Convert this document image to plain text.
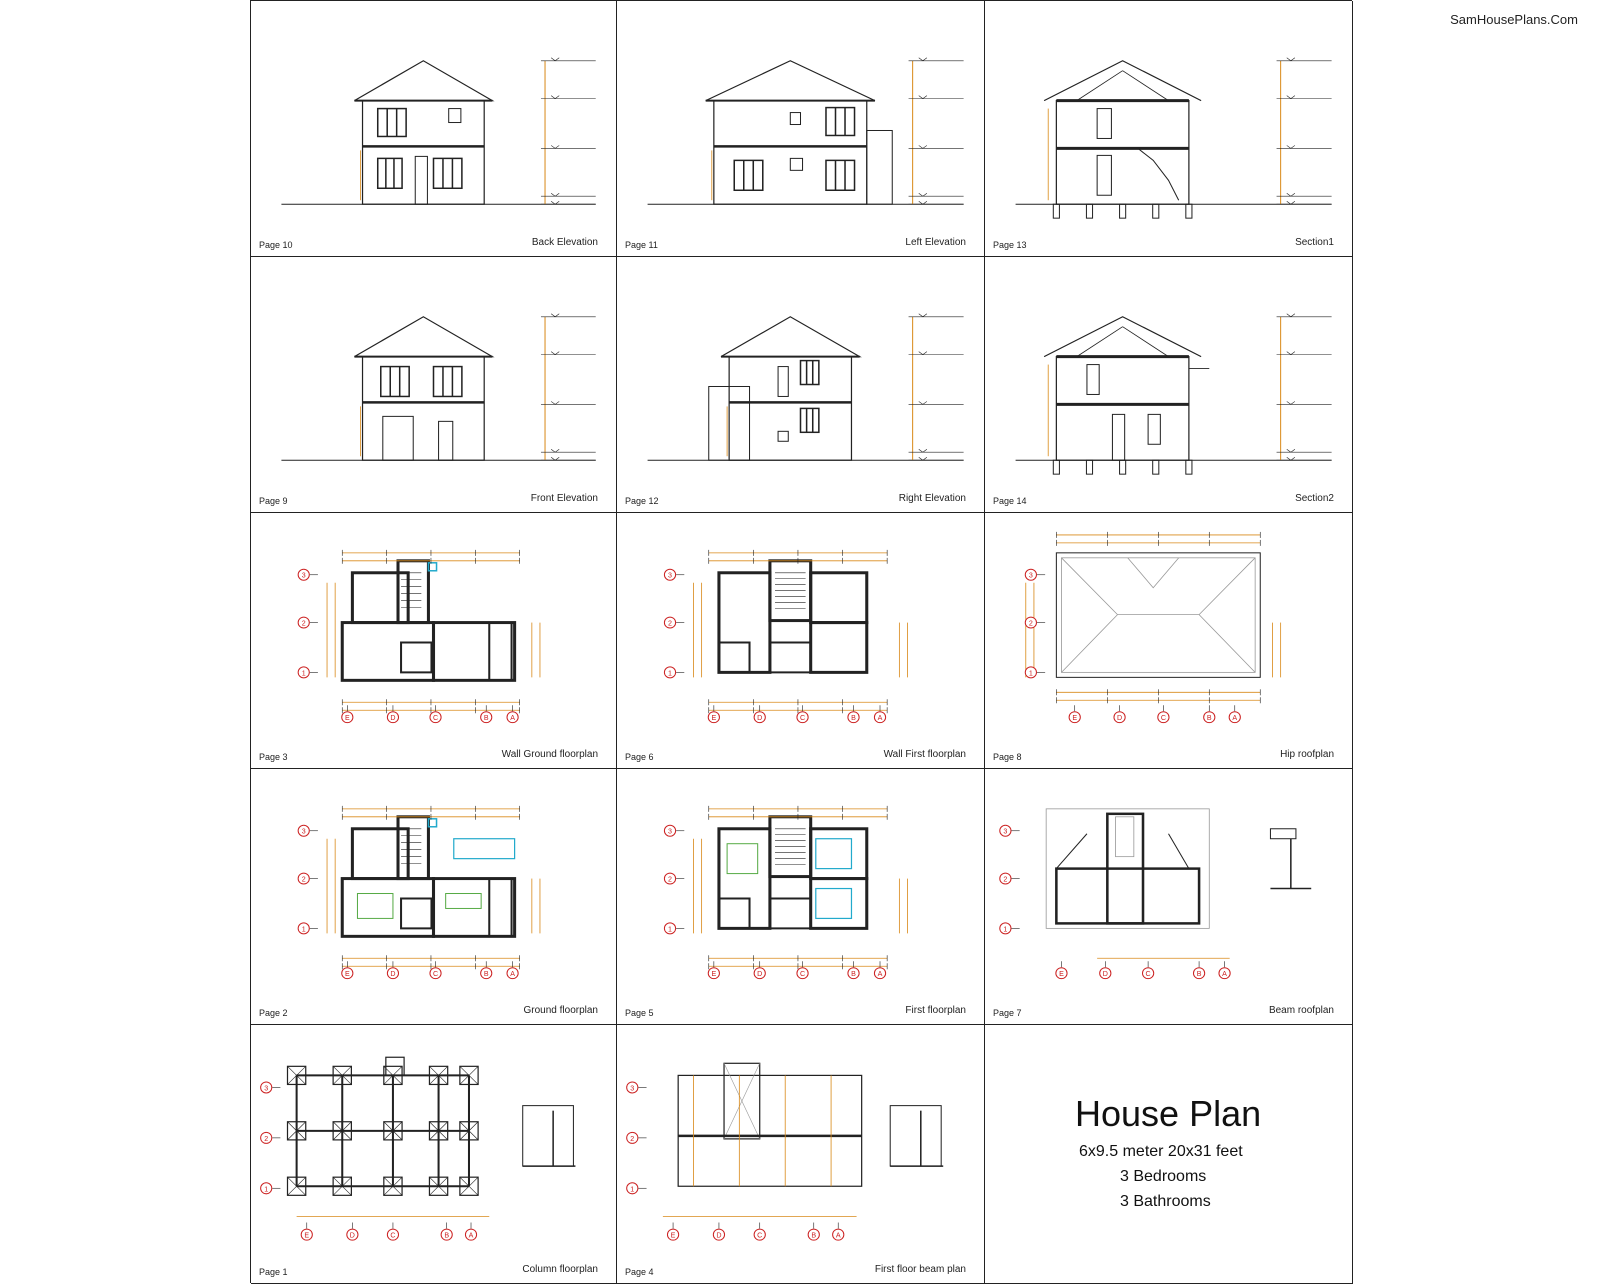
SamHousePlans.Com
Page 10	Back Elevation	Page 11	Left Elevation	Page 13	Section1
Page 9	Front Elevation	Page 12	Right Elevation	Page 14	Section2
E	D	C	B	A
3
2
1
Page 3	Wall Ground floorplan
E	D	C	B	A
3
2
1
Page 6	Wall First floorplan
E	D	C	B	A
3
2
1
Page 8	Hip roofplan
E	D	C	B	A
3
2
1
Page 2	Ground floorplan
E	D	C	B	A
3
2
1
Page 5	First floorplan
E	D	C	B	A
3
2
1
Page 7	Beam roofplan
E	D	C	B	A
3
2
1
Page 1	Column floorplan
E	D	C	B	A
3
2
1
Page 4	First floor beam plan
House Plan
6x9.5 meter 20x31 feet
3 Bedrooms
3 Bathrooms
